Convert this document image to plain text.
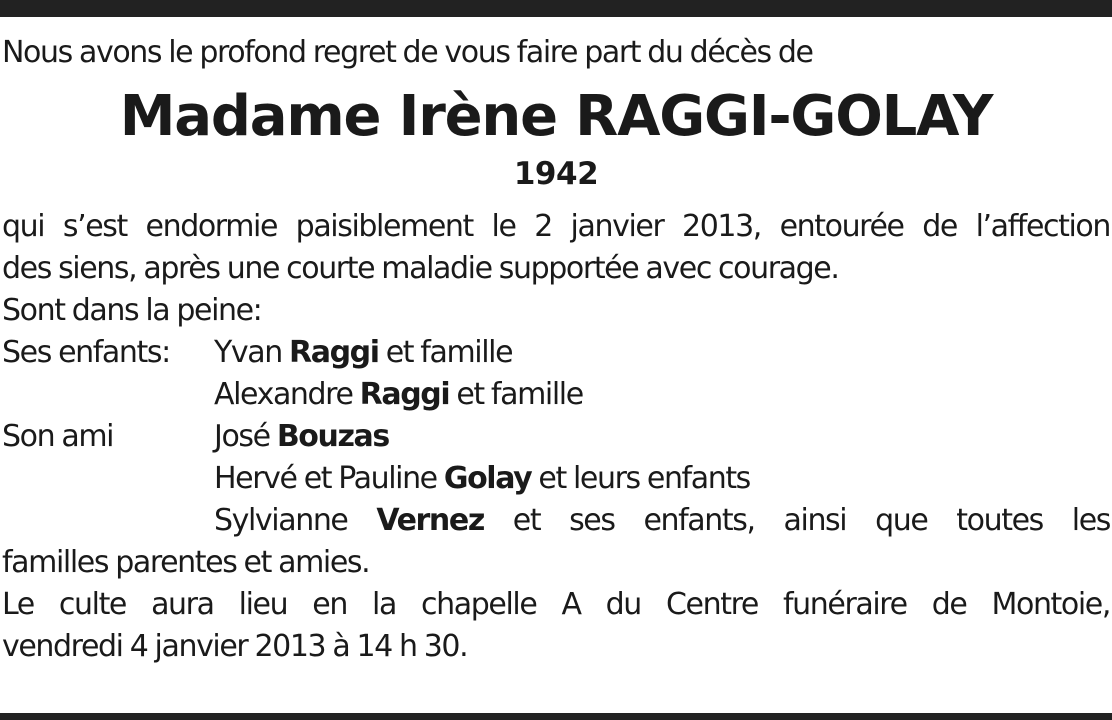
Nous avons le profond regret de vous faire part du décès de
Madame Irène RAGGI-GOLAY
1942
qui s’est endormie paisiblement le 2 janvier 2013, entourée de l’affection
des siens, après une courte maladie supportée avec courage.
Sont dans la peine:
Ses enfants:	Yvan Raggi et famille
Alexandre Raggi et famille
Son ami	José Bouzas
Hervé et Pauline Golay et leurs enfants
Sylvianne Vernez et ses enfants, ainsi que toutes les
familles parentes et amies.
Le culte aura lieu en la chapelle A du Centre funéraire de Montoie,
vendredi 4 janvier 2013 à 14 h 30.
